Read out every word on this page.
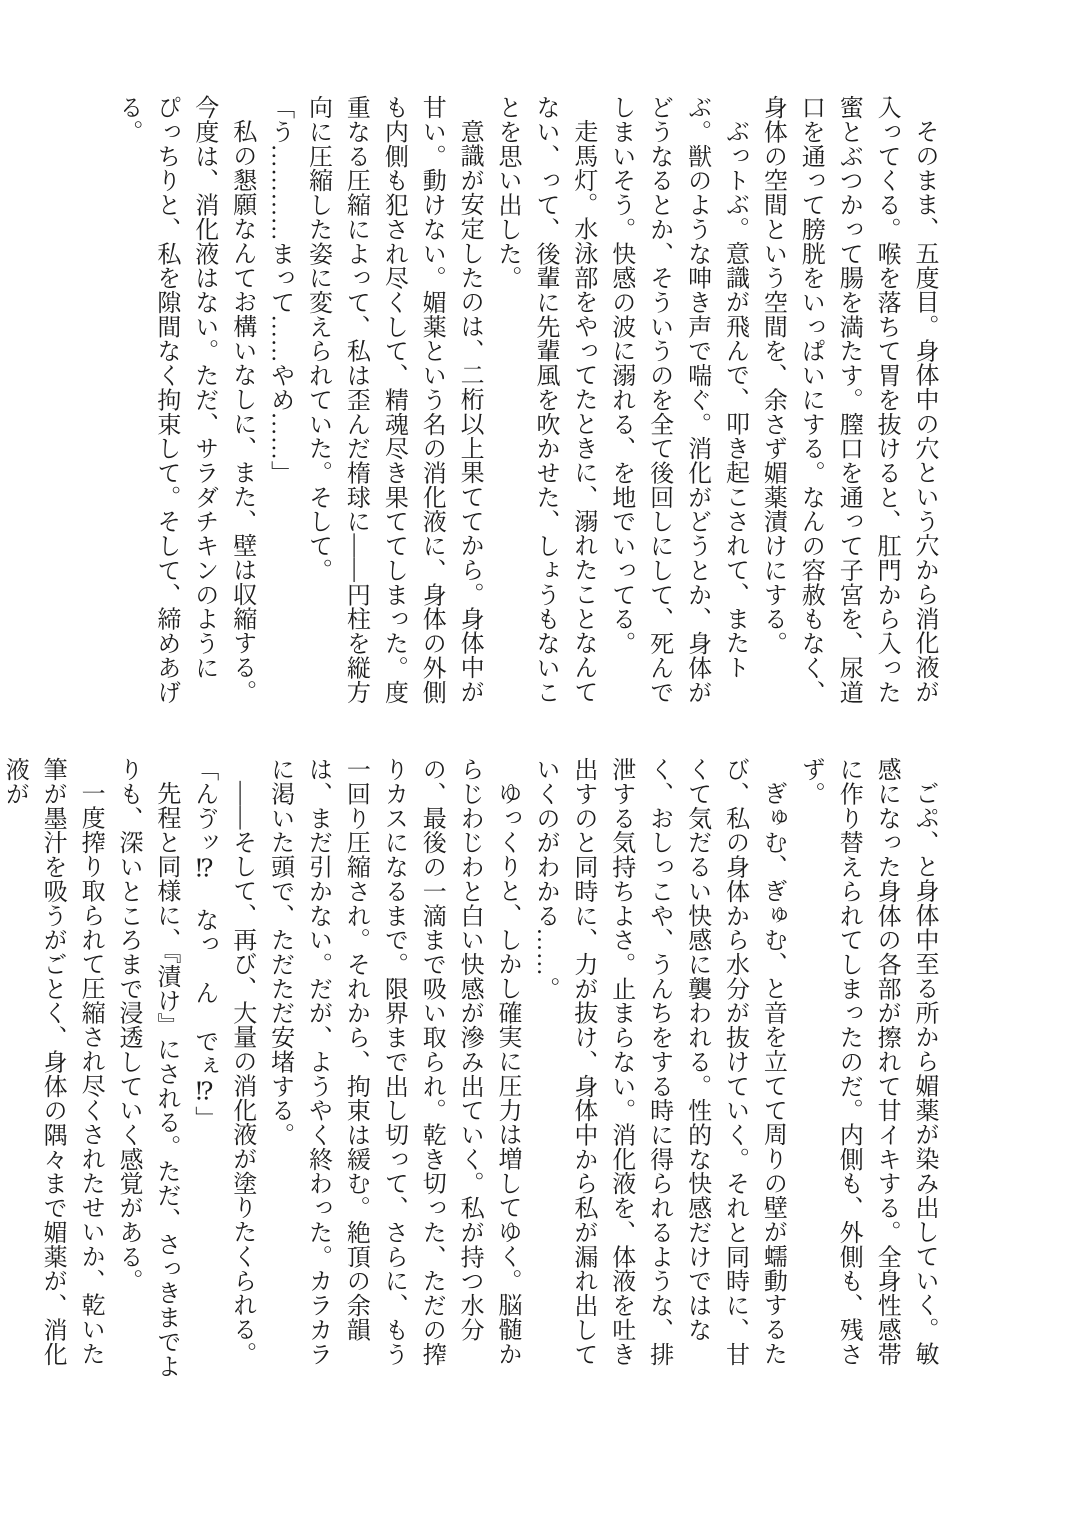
そのまま、五度目。身体中の穴という穴から消化液が入ってくる。喉を落ちて胃を抜けると、肛門から入った蜜とぶつかって腸を満たす。膣口を通って子宮を、尿道口を通って膀胱をいっぱいにする。なんの容赦もなく、身体の空間という空間を、余さず媚薬漬けにする。

ぶっトぶ。意識が飛んで、叩き起こされて、またトぶ。獣のような呻き声で喘ぐ。消化がどうとか、身体がどうなるとか、そういうのを全て後回しにして、死んでしまいそう。快感の波に溺れる、を地でいってる。

走馬灯。水泳部をやってたときに、溺れたことなんてない、って、後輩に先輩風を吹かせた、しょうもないことを思い出した。

意識が安定したのは、二桁以上果ててから。身体中が甘い。動けない。媚薬という名の消化液に、身体の外側も内側も犯され尽くして、精魂尽き果ててしまった。度重なる圧縮によって、私は歪んだ楕球に――円柱を縦方向に圧縮した姿に変えられていた。そして。

「う…………まって……やめ……」

私の懇願なんてお構いなしに、また、壁は収縮する。今度は、消化液はない。ただ、サラダチキンのようにぴっちりと、私を隙間なく拘束して。そして、締めあげる。

ごぷ、と身体中至る所から媚薬が染み出していく。敏感になった身体の各部が擦れて甘イキする。全身性感帯に作り替えられてしまったのだ。内側も、外側も、残さず。

ぎゅむ、ぎゅむ、と音を立てて周りの壁が蠕動するたび、私の身体から水分が抜けていく。それと同時に、甘くて気だるい快感に襲われる。性的な快感だけではなく、おしっこや、うんちをする時に得られるような、排泄する気持ちよさ。止まらない。消化液を、体液を吐き出すのと同時に、力が抜け、身体中から私が漏れ出していくのがわかる……。

ゆっくりと、しかし確実に圧力は増してゆく。脳髄からじわじわと白い快感が滲み出ていく。私が持つ水分の、最後の一滴まで吸い取られ。乾き切った、ただの搾りカスになるまで。限界まで出し切って、さらに、もう一回り圧縮され。それから、拘束は緩む。絶頂の余韻は、まだ引かない。だが、ようやく終わった。カラカラに渇いた頭で、ただただ安堵する。

――そして、再び、大量の消化液が塗りたくられる。

「んゔッ⁉　なっ　ん　でぇ⁉」

先程と同様に、『漬け』にされる。ただ、さっきまでよりも、深いところまで浸透していく感覚がある。

一度搾り取られて圧縮され尽くされたせいか、乾いた筆が墨汁を吸うがごとく、身体の隅々まで媚薬が、消化液が
